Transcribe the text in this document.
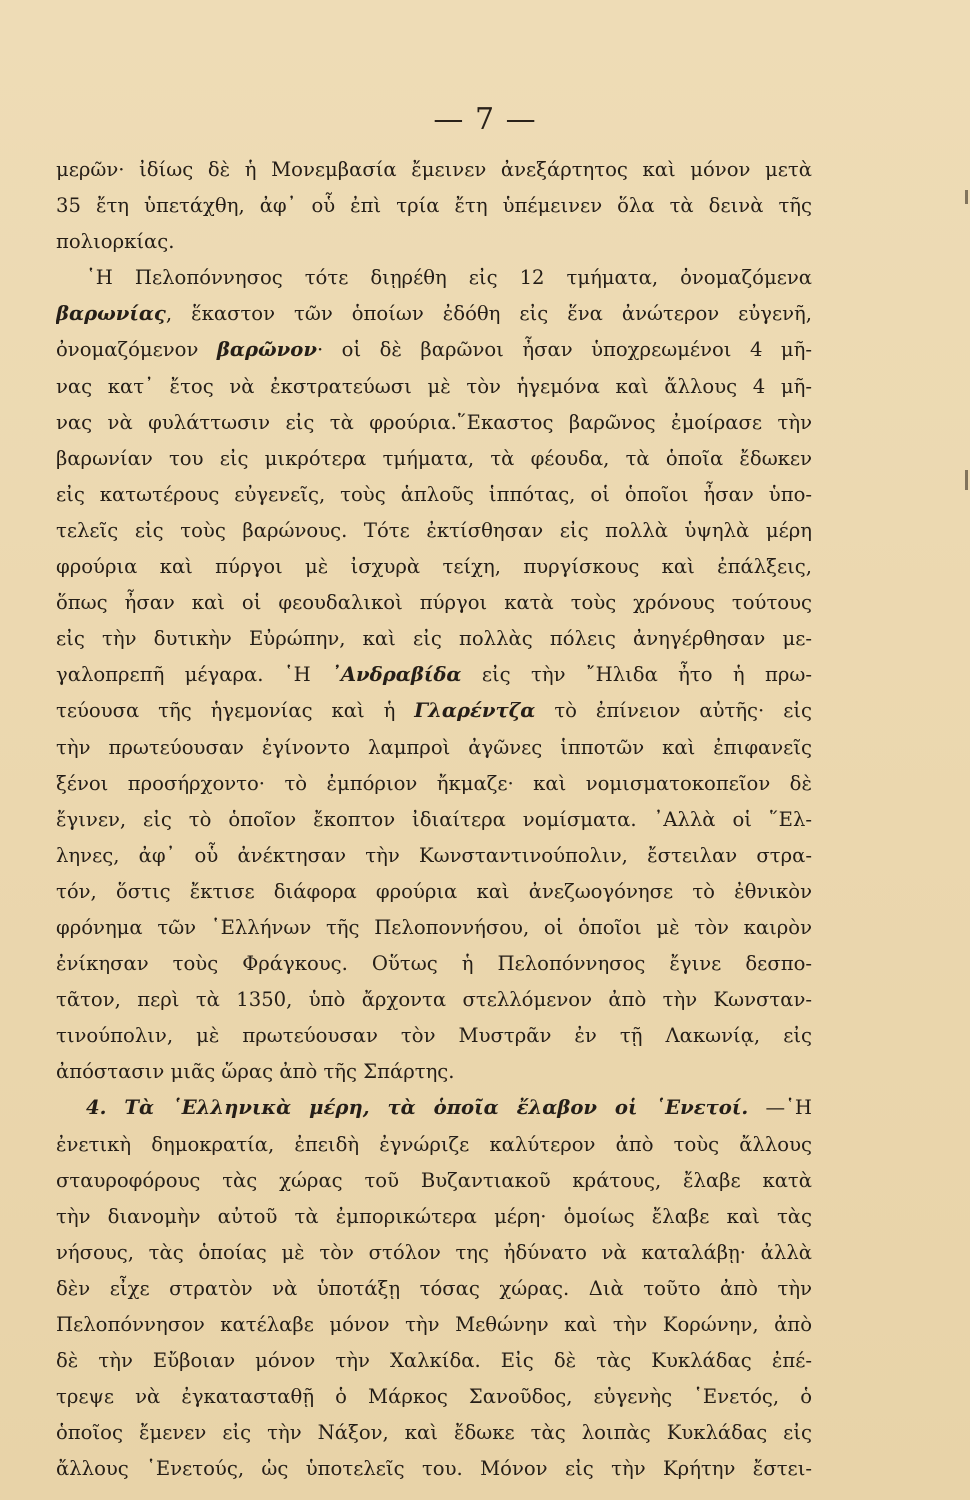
— 7 —
μερῶν· ἰδίως δὲ ἡ Μονεμβασία ἔμεινεν ἀνεξάρτητος καὶ μόνον μετὰ
35 ἔτη ὑπετάχθη, ἀφ᾽ οὗ ἐπὶ τρία ἔτη ὑπέμεινεν ὅλα τὰ δεινὰ τῆς
πολιορκίας.
῾Η Πελοπόννησος τότε διῃρέθη εἰς 12 τμήματα, ὀνομαζόμενα
βαρωνίας, ἕκαστον τῶν ὁποίων ἐδόθη εἰς ἕνα ἀνώτερον εὐγενῆ,
ὀνομαζόμενον βαρῶνον· οἱ δὲ βαρῶνοι ἦσαν ὑποχρεωμένοι 4 μῆ-
νας κατ᾽ ἔτος νὰ ἐκστρατεύωσι μὲ τὸν ἡγεμόνα καὶ ἄλλους 4 μῆ-
νας νὰ φυλάττωσιν εἰς τὰ φρούρια.῞Εκαστος βαρῶνος ἐμοίρασε τὴν
βαρωνίαν του εἰς μικρότερα τμήματα, τὰ φέουδα, τὰ ὁποῖα ἔδωκεν
εἰς κατωτέρους εὐγενεῖς, τοὺς ἁπλοῦς ἱππότας, οἱ ὁποῖοι ἦσαν ὑπο-
τελεῖς εἰς τοὺς βαρώνους. Τότε ἐκτίσθησαν εἰς πολλὰ ὑψηλὰ μέρη
φρούρια καὶ πύργοι μὲ ἰσχυρὰ τείχη, πυργίσκους καὶ ἐπάλξεις,
ὅπως ἦσαν καὶ οἱ φεουδαλικοὶ πύργοι κατὰ τοὺς χρόνους τούτους
εἰς τὴν δυτικὴν Εὐρώπην, καὶ εἰς πολλὰς πόλεις ἀνηγέρθησαν με-
γαλοπρεπῆ μέγαρα. ῾Η ᾽Ανδραβίδα εἰς τὴν ῎Ηλιδα ἦτο ἡ πρω-
τεύουσα τῆς ἡγεμονίας καὶ ἡ Γλαρέντζα τὸ ἐπίνειον αὐτῆς· εἰς
τὴν πρωτεύουσαν ἐγίνοντο λαμπροὶ ἀγῶνες ἱπποτῶν καὶ ἐπιφανεῖς
ξένοι προσήρχοντο· τὸ ἐμπόριον ἤκμαζε· καὶ νομισματοκοπεῖον δὲ
ἔγινεν, εἰς τὸ ὁποῖον ἔκοπτον ἰδιαίτερα νομίσματα. ᾽Αλλὰ οἱ ῞Ελ-
ληνες, ἀφ᾽ οὗ ἀνέκτησαν τὴν Κωνσταντινούπολιν, ἔστειλαν στρα-
τόν, ὅστις ἔκτισε διάφορα φρούρια καὶ ἀνεζωογόνησε τὸ ἐθνικὸν
φρόνημα τῶν ῾Ελλήνων τῆς Πελοποννήσου, οἱ ὁποῖοι μὲ τὸν καιρὸν
ἐνίκησαν τοὺς Φράγκους. Οὕτως ἡ Πελοπόννησος ἔγινε δεσπο-
τᾶτον, περὶ τὰ 1350, ὑπὸ ἄρχοντα στελλόμενον ἀπὸ τὴν Κωνσταν-
τινούπολιν, μὲ πρωτεύουσαν τὸν Μυστρᾶν ἐν τῇ Λακωνίᾳ, εἰς
ἀπόστασιν μιᾶς ὥρας ἀπὸ τῆς Σπάρτης.
4. Τὰ ῾Ελληνικὰ μέρη, τὰ ὁποῖα ἔλαβον οἱ ῾Ενετοί. —῾Η
ἐνετικὴ δημοκρατία, ἐπειδὴ ἐγνώριζε καλύτερον ἀπὸ τοὺς ἄλλους
σταυροφόρους τὰς χώρας τοῦ Βυζαντιακοῦ κράτους, ἔλαβε κατὰ
τὴν διανομὴν αὐτοῦ τὰ ἐμπορικώτερα μέρη· ὁμοίως ἔλαβε καὶ τὰς
νήσους, τὰς ὁποίας μὲ τὸν στόλον της ἠδύνατο νὰ καταλάβῃ· ἀλλὰ
δὲν εἶχε στρατὸν νὰ ὑποτάξῃ τόσας χώρας. Διὰ τοῦτο ἀπὸ τὴν
Πελοπόννησον κατέλαβε μόνον τὴν Μεθώνην καὶ τὴν Κορώνην, ἀπὸ
δὲ τὴν Εὔβοιαν μόνον τὴν Χαλκίδα. Εἰς δὲ τὰς Κυκλάδας ἐπέ-
τρεψε νὰ ἐγκατασταθῇ ὁ Μάρκος Σανοῦδος, εὐγενὴς ῾Ενετός, ὁ
ὁποῖος ἔμενεν εἰς τὴν Νάξον, καὶ ἔδωκε τὰς λοιπὰς Κυκλάδας εἰς
ἄλλους ῾Ενετούς, ὡς ὑποτελεῖς του. Μόνον εἰς τὴν Κρήτην ἔστει-
